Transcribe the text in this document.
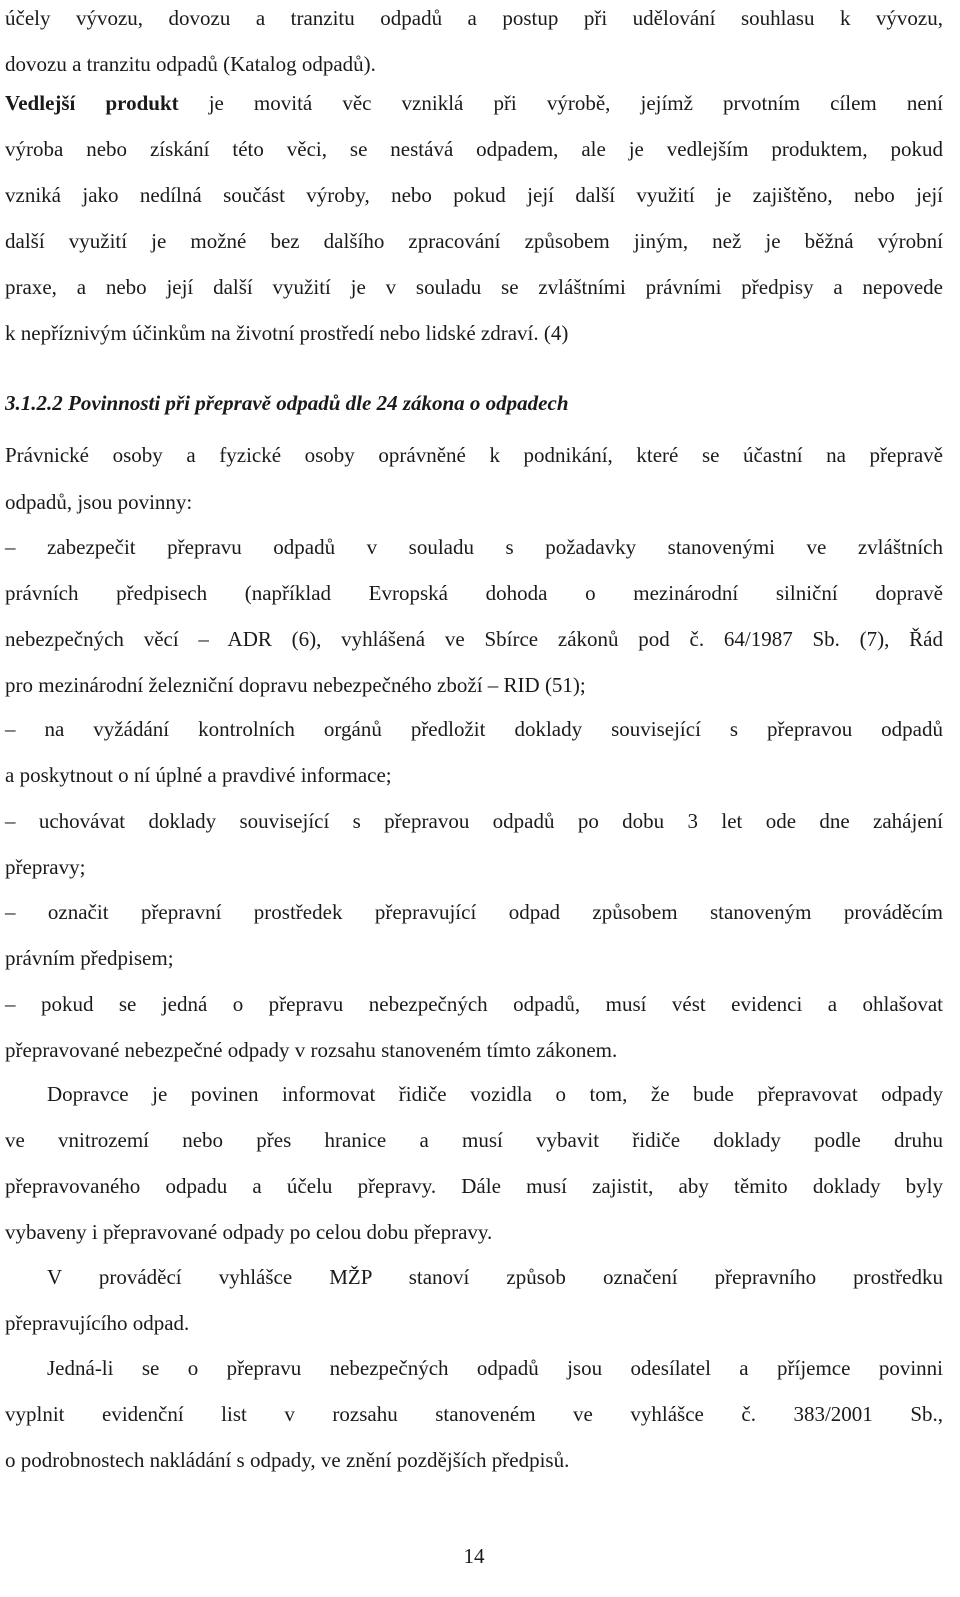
účely vývozu, dovozu a tranzitu odpadů a postup při udělování souhlasu k vývozu,
dovozu a tranzitu odpadů (Katalog odpadů).
Vedlejší produkt je movitá věc vzniklá při výrobě, jejímž prvotním cílem není
výroba nebo získání této věci, se nestává odpadem, ale je vedlejším produktem, pokud
vzniká jako nedílná součást výroby, nebo pokud její další využití je zajištěno, nebo její
další využití je možné bez dalšího zpracování způsobem jiným, než je běžná výrobní
praxe, a nebo její další využití je v souladu se zvláštními právními předpisy a nepovede
k nepříznivým účinkům na životní prostředí nebo lidské zdraví. (4)
3.1.2.2 Povinnosti při přepravě odpadů dle 24 zákona o odpadech
Právnické osoby a fyzické osoby oprávněné k podnikání, které se účastní na přepravě
odpadů, jsou povinny:
– zabezpečit přepravu odpadů v souladu s požadavky stanovenými ve zvláštních
právních předpisech (například Evropská dohoda o mezinárodní silniční dopravě
nebezpečných věcí – ADR (6), vyhlášená ve Sbírce zákonů pod č. 64/1987 Sb. (7), Řád
pro mezinárodní železniční dopravu nebezpečného zboží – RID (51);
– na vyžádání kontrolních orgánů předložit doklady související s přepravou odpadů
a poskytnout o ní úplné a pravdivé informace;
– uchovávat doklady související s přepravou odpadů po dobu 3 let ode dne zahájení
přepravy;
– označit přepravní prostředek přepravující odpad způsobem stanoveným prováděcím
právním předpisem;
– pokud se jedná o přepravu nebezpečných odpadů, musí vést evidenci a ohlašovat
přepravované nebezpečné odpady v rozsahu stanoveném tímto zákonem.
Dopravce je povinen informovat řidiče vozidla o tom, že bude přepravovat odpady
ve vnitrozemí nebo přes hranice a musí vybavit řidiče doklady podle druhu
přepravovaného odpadu a účelu přepravy. Dále musí zajistit, aby těmito doklady byly
vybaveny i přepravované odpady po celou dobu přepravy.
V prováděcí vyhlášce MŽP stanoví způsob označení přepravního prostředku
přepravujícího odpad.
Jedná-li se o přepravu nebezpečných odpadů jsou odesílatel a příjemce povinni
vyplnit evidenční list v rozsahu stanoveném ve vyhlášce č. 383/2001 Sb.,
o podrobnostech nakládání s odpady, ve znění pozdějších předpisů.
14
